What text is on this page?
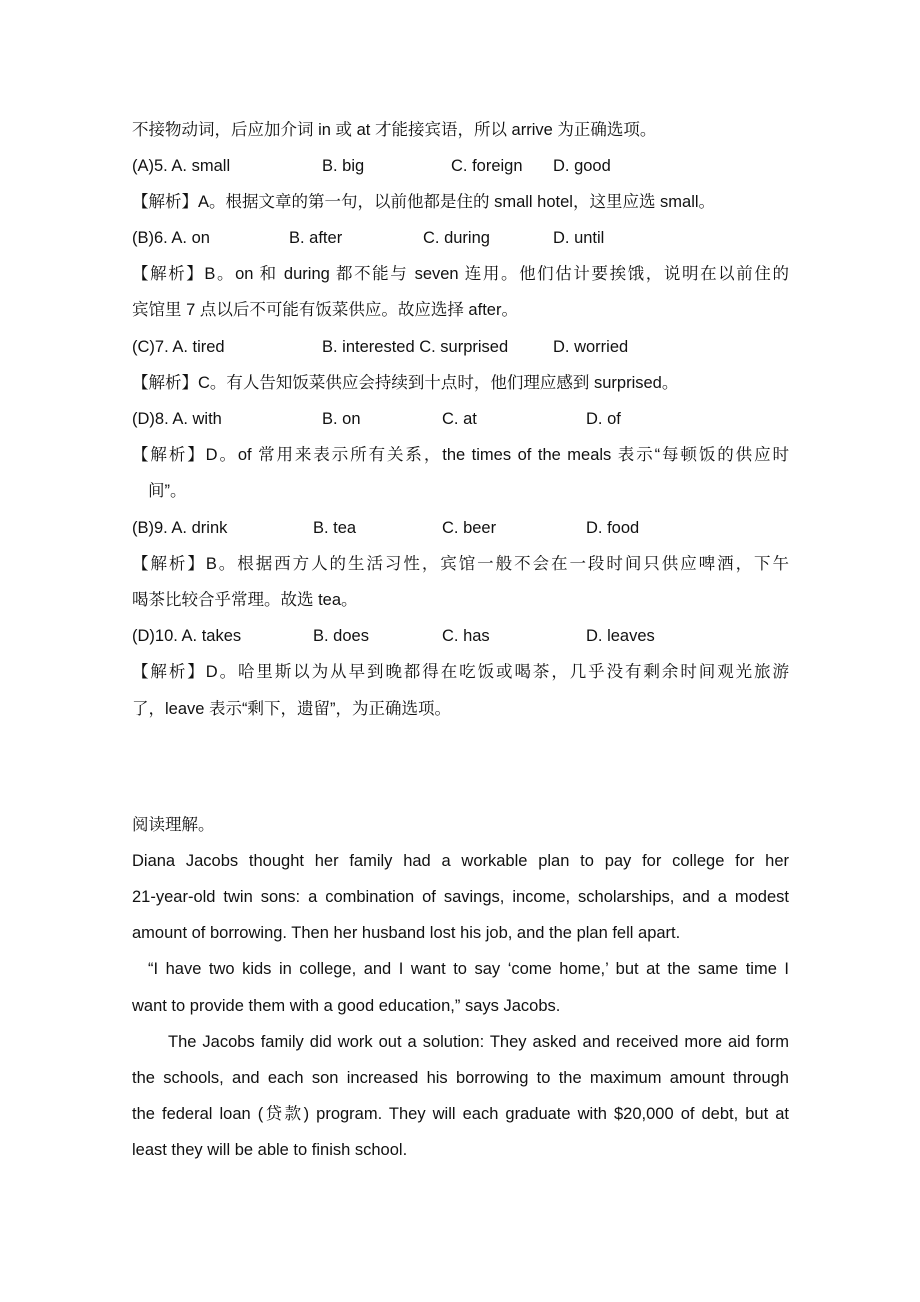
不接物动词，后应加介词 in 或 at 才能接宾语，所以 arrive 为正确选项。
(A)5. A. small	B. big	C. foreign D. good
【解析】A。根据文章的第一句，以前他都是住的 small hotel，这里应选 small。
(B)6. A. on	B. after	C. during	D. until
【解析】B。on 和 during 都不能与 seven 连用。他们估计要挨饿，说明在以前住的
宾馆里 7 点以后不可能有饭菜供应。故应选择 after。
(C)7. A. tired	B. interested C. surprised	D. worried
【解析】C。有人告知饭菜供应会持续到十点时，他们理应感到 surprised。
(D)8. A. with	B. on	C. at	D. of
【解析】D。of 常用来表示所有关系，the times of the meals 表示“每顿饭的供应时
间”。
(B)9. A. drink	B. tea	C. beer	D. food
【解析】B。根据西方人的生活习性，宾馆一般不会在一段时间只供应啤酒，下午
喝茶比较合乎常理。故选 tea。
(D)10. A. takes	B. does	C. has	D. leaves
【解析】D。哈里斯以为从早到晚都得在吃饭或喝茶，几乎没有剩余时间观光旅游
了，leave 表示“剩下，遗留”，为正确选项。
阅读理解。
Diana Jacobs thought her family had a workable plan to pay for college for her
21-year-old twin sons: a combination of savings, income, scholarships, and a modest
amount of borrowing. Then her husband lost his job, and the plan fell apart.
“I have two kids in college, and I want to say ‘come home,’ but at the same time I
want to provide them with a good education,” says Jacobs.
The Jacobs family did work out a solution: They asked and received more aid form
the schools, and each son increased his borrowing to the maximum amount through
the federal loan (贷款) program. They will each graduate with $20,000 of debt, but at
least they will be able to finish school.
